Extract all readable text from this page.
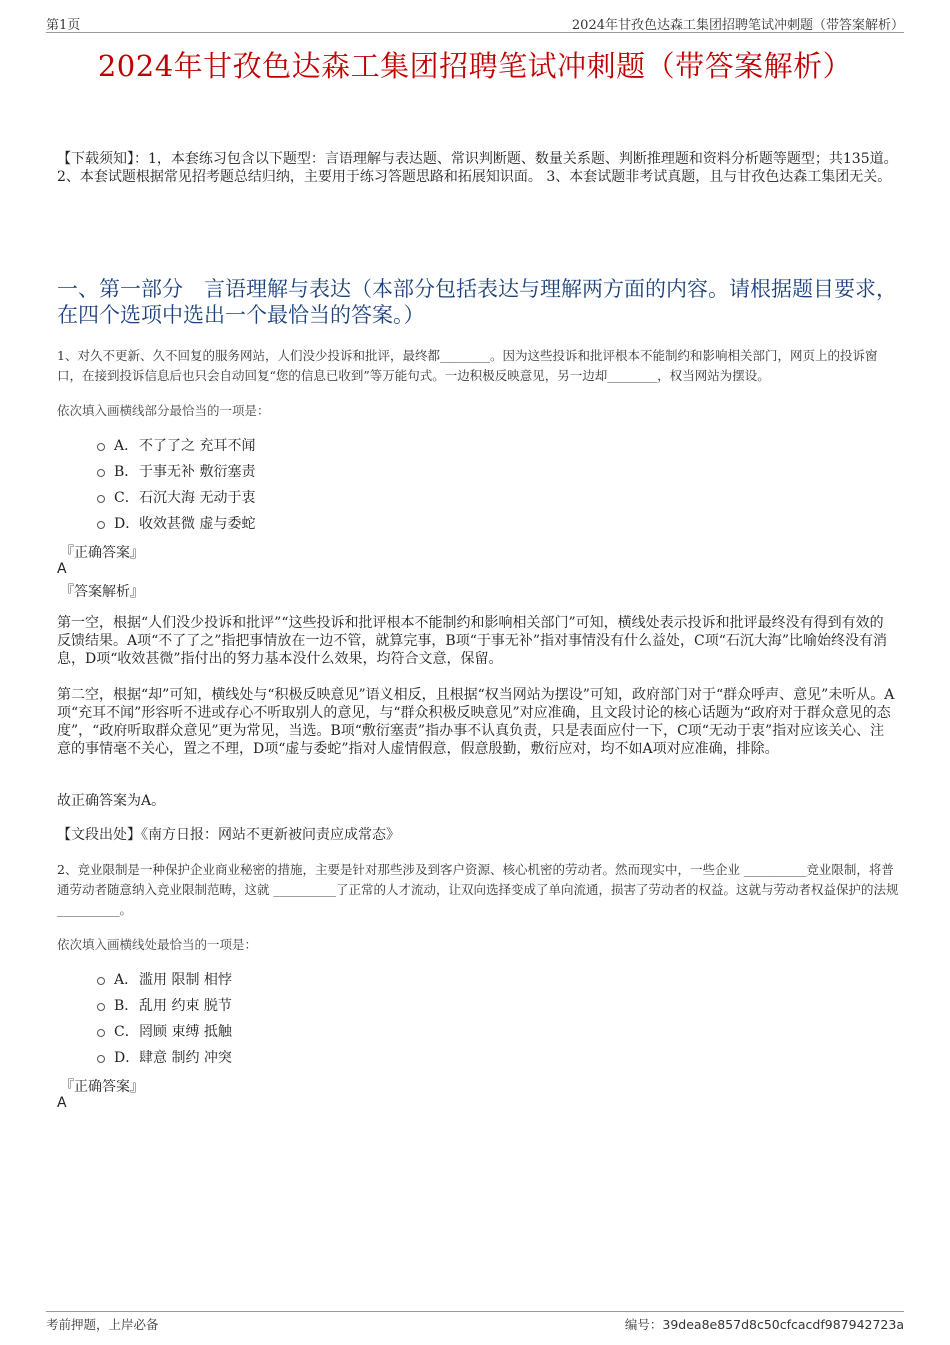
第1页	2024年甘孜色达森工集团招聘笔试冲刺题（带答案解析）
2024年甘孜色达森工集团招聘笔试冲刺题（带答案解析）
【下载须知】：1，本套练习包含以下题型：言语理解与表达题、常识判断题、数量关系题、判断推理题和资料分析题等题型；共135道。 2、本套试题根据常见招考题总结归纳，主要用于练习答题思路和拓展知识面。 3、本套试题非考试真题，且与甘孜色达森工集团无关。
一、第一部分　言语理解与表达（本部分包括表达与理解两方面的内容。请根据题目要求，在四个选项中选出一个最恰当的答案。）
1、对久不更新、久不回复的服务网站，人们没少投诉和批评，最终都________。因为这些投诉和批评根本不能制约和影响相关部门，网页上的投诉窗口，在接到投诉信息后也只会自动回复“您的信息已收到”等万能句式。一边积极反映意见，另一边却________，权当网站为摆设。
依次填入画横线部分最恰当的一项是：
A． 不了了之 充耳不闻
B． 于事无补 敷衍塞责
C． 石沉大海 无动于衷
D． 收效甚微 虚与委蛇
『正确答案』
A
『答案解析』
第一空，根据“人们没少投诉和批评”“这些投诉和批评根本不能制约和影响相关部门”可知，横线处表示投诉和批评最终没有得到有效的反馈结果。A项“不了了之”指把事情放在一边不管，就算完事，B项“于事无补”指对事情没有什么益处，C项“石沉大海”比喻始终没有消息，D项“收效甚微”指付出的努力基本没什么效果，均符合文意，保留。
第二空，根据“却”可知，横线处与“积极反映意见”语义相反，且根据“权当网站为摆设”可知，政府部门对于“群众呼声、意见”未听从。A项“充耳不闻”形容听不进或存心不听取别人的意见，与“群众积极反映意见”对应准确，且文段讨论的核心话题为“政府对于群众意见的态度”，“政府听取群众意见”更为常见，当选。B项“敷衍塞责”指办事不认真负责，只是表面应付一下，C项“无动于衷”指对应该关心、注意的事情毫不关心，置之不理，D项“虚与委蛇”指对人虚情假意，假意殷勤，敷衍应对，均不如A项对应准确，排除。
故正确答案为A。
【文段出处】《南方日报：网站不更新被问责应成常态》
2、竞业限制是一种保护企业商业秘密的措施，主要是针对那些涉及到客户资源、核心机密的劳动者。然而现实中，一些企业 __________竞业限制，将普通劳动者随意纳入竞业限制范畴，这就 __________了正常的人才流动，让双向选择变成了单向流通，损害了劳动者的权益。这就与劳动者权益保护的法规 __________。
依次填入画横线处最恰当的一项是：
A． 滥用 限制 相悖
B． 乱用 约束 脱节
C． 罔顾 束缚 抵触
D． 肆意 制约 冲突
『正确答案』
A
考前押题，上岸必备	编号：39dea8e857d8c50cfcacdf987942723a
